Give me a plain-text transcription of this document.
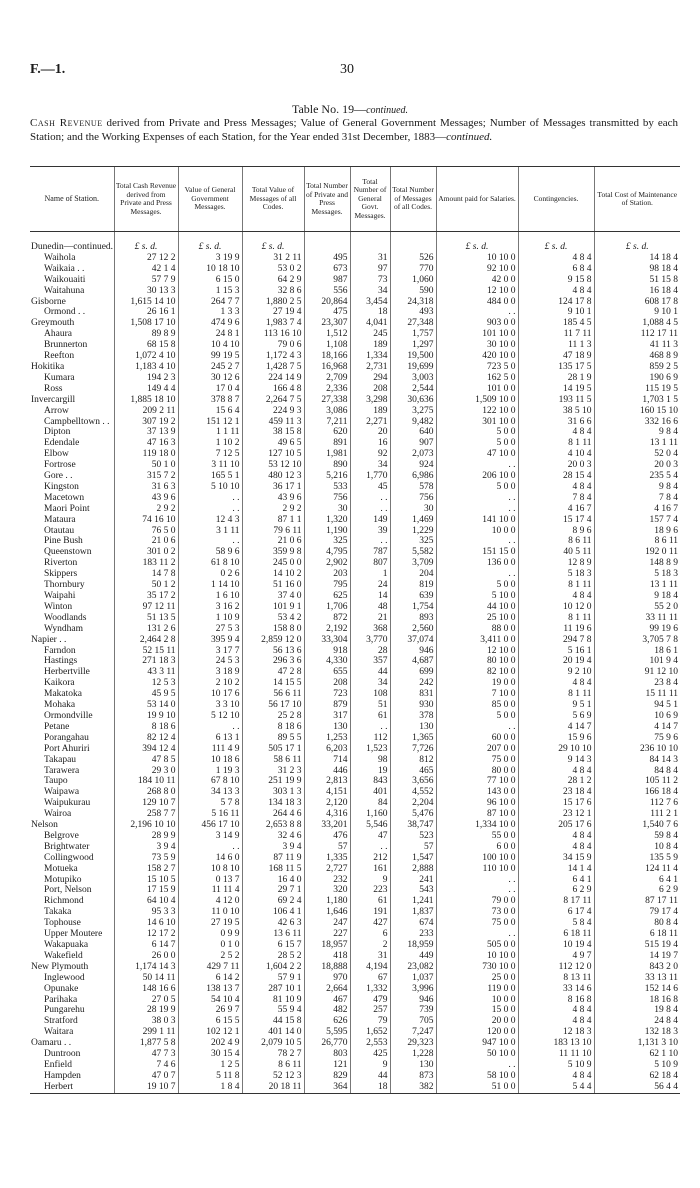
F.—1.	30
Table No. 19—continued.
Cash Revenue derived from Private and Press Messages; Value of General Government Messages; Number of Messages transmitted by each Station; and the Working Expenses of each Station, for the Year ended 31st December, 1883—continued.
Name of Station.	Total Cash Revenue derived from Private and Press Messages.	Value of General Government Messages.	Total Value of Messages of all Codes.	Total Number of Private and Press Messages.	Total Number of General Govt. Messages.	Total Number of Messages of all Codes.	Amount paid for Salaries.	Contingencies.	Total Cost of Maintenance of Station.
Dunedin—continued.	£ s. d.	£ s. d.	£ s. d.				£ s. d.	£ s. d.	£ s. d.
Waihola	27 12 2	3 19 9	31 2 11	495	31	526	10 10 0	4 8 4	14 18 4
Waikaia . .	42 1 4	10 18 10	53 0 2	673	97	770	92 10 0	6 8 4	98 18 4
Waikouaiti	57 7 9	6 15 0	64 2 9	987	73	1,060	42 0 0	9 15 8	51 15 8
Waitahuna	30 13 3	1 15 3	32 8 6	556	34	590	12 10 0	4 8 4	16 18 4
Gisborne	1,615 14 10	264 7 7	1,880 2 5	20,864	3,454	24,318	484 0 0	124 17 8	608 17 8
Ormond . .	26 16 1	1 3 3	27 19 4	475	18	493	. .	9 10 1	9 10 1
Greymouth	1,508 17 10	474 9 6	1,983 7 4	23,307	4,041	27,348	903 0 0	185 4 5	1,088 4 5
Ahaura	89 8 9	24 8 1	113 16 10	1,512	245	1,757	101 10 0	11 7 11	112 17 11
Brunnerton	68 15 8	10 4 10	79 0 6	1,108	189	1,297	30 10 0	11 1 3	41 11 3
Reefton	1,072 4 10	99 19 5	1,172 4 3	18,166	1,334	19,500	420 10 0	47 18 9	468 8 9
Hokitika	1,183 4 10	245 2 7	1,428 7 5	16,968	2,731	19,699	723 5 0	135 17 5	859 2 5
Kumara	194 2 3	30 12 6	224 14 9	2,709	294	3,003	162 5 0	28 1 9	190 6 9
Ross	149 4 4	17 0 4	166 4 8	2,336	208	2,544	101 0 0	14 19 5	115 19 5
Invercargill	1,885 18 10	378 8 7	2,264 7 5	27,338	3,298	30,636	1,509 10 0	193 11 5	1,703 1 5
Arrow	209 2 11	15 6 4	224 9 3	3,086	189	3,275	122 10 0	38 5 10	160 15 10
Campbelltown . .	307 19 2	151 12 1	459 11 3	7,211	2,271	9,482	301 10 0	31 6 6	332 16 6
Dipton	37 13 9	1 1 11	38 15 8	620	20	640	5 0 0	4 8 4	9 8 4
Edendale	47 16 3	1 10 2	49 6 5	891	16	907	5 0 0	8 1 11	13 1 11
Elbow	119 18 0	7 12 5	127 10 5	1,981	92	2,073	47 10 0	4 10 4	52 0 4
Fortrose	50 1 0	3 11 10	53 12 10	890	34	924	. .	20 0 3	20 0 3
Gore . .	315 7 2	165 5 1	480 12 3	5,216	1,770	6,986	206 10 0	28 15 4	235 5 4
Kingston	31 6 3	5 10 10	36 17 1	533	45	578	5 0 0	4 8 4	9 8 4
Macetown	43 9 6	. .	43 9 6	756	. .	756	. .	7 8 4	7 8 4
Maori Point	2 9 2	. .	2 9 2	30	. .	30	. .	4 16 7	4 16 7
Mataura	74 16 10	12 4 3	87 1 1	1,320	149	1,469	141 10 0	15 17 4	157 7 4
Otautau	76 5 0	3 1 11	79 6 11	1,190	39	1,229	10 0 0	8 9 6	18 9 6
Pine Bush	21 0 6	. .	21 0 6	325	. .	325	. .	8 6 11	8 6 11
Queenstown	301 0 2	58 9 6	359 9 8	4,795	787	5,582	151 15 0	40 5 11	192 0 11
Riverton	183 11 2	61 8 10	245 0 0	2,902	807	3,709	136 0 0	12 8 9	148 8 9
Skippers	14 7 8	0 2 6	14 10 2	203	1	204	. .	5 18 3	5 18 3
Thornbury	50 1 2	1 14 10	51 16 0	795	24	819	5 0 0	8 1 11	13 1 11
Waipahi	35 17 2	1 6 10	37 4 0	625	14	639	5 10 0	4 8 4	9 18 4
Winton	97 12 11	3 16 2	101 9 1	1,706	48	1,754	44 10 0	10 12 0	55 2 0
Woodlands	51 13 5	1 10 9	53 4 2	872	21	893	25 10 0	8 1 11	33 11 11
Wyndham	131 2 6	27 5 3	158 8 0	2,192	368	2,560	88 0 0	11 19 6	99 19 6
Napier . .	2,464 2 8	395 9 4	2,859 12 0	33,304	3,770	37,074	3,411 0 0	294 7 8	3,705 7 8
Farndon	52 15 11	3 17 7	56 13 6	918	28	946	12 10 0	5 16 1	18 6 1
Hastings	271 18 3	24 5 3	296 3 6	4,330	357	4,687	80 10 0	20 19 4	101 9 4
Herbertville	43 3 11	3 18 9	47 2 8	655	44	699	82 10 0	9 2 10	91 12 10
Kaikora	12 5 3	2 10 2	14 15 5	208	34	242	19 0 0	4 8 4	23 8 4
Makatoka	45 9 5	10 17 6	56 6 11	723	108	831	7 10 0	8 1 11	15 11 11
Mohaka	53 14 0	3 3 10	56 17 10	879	51	930	85 0 0	9 5 1	94 5 1
Ormondville	19 9 10	5 12 10	25 2 8	317	61	378	5 0 0	5 6 9	10 6 9
Petane	8 18 6	. .	8 18 6	130	. .	130	. .	4 14 7	4 14 7
Porangahau	82 12 4	6 13 1	89 5 5	1,253	112	1,365	60 0 0	15 9 6	75 9 6
Port Ahuriri	394 12 4	111 4 9	505 17 1	6,203	1,523	7,726	207 0 0	29 10 10	236 10 10
Takapau	47 8 5	10 18 6	58 6 11	714	98	812	75 0 0	9 14 3	84 14 3
Tarawera	29 3 0	1 19 3	31 2 3	446	19	465	80 0 0	4 8 4	84 8 4
Taupo	184 10 11	67 8 10	251 19 9	2,813	843	3,656	77 10 0	28 1 2	105 11 2
Waipawa	268 8 0	34 13 3	303 1 3	4,151	401	4,552	143 0 0	23 18 4	166 18 4
Waipukurau	129 10 7	5 7 8	134 18 3	2,120	84	2,204	96 10 0	15 17 6	112 7 6
Wairoa	258 7 7	5 16 11	264 4 6	4,316	1,160	5,476	87 10 0	23 12 1	111 2 1
Nelson	2,196 10 10	456 17 10	2,653 8 8	33,201	5,546	38,747	1,334 10 0	205 17 6	1,540 7 6
Belgrove	28 9 9	3 14 9	32 4 6	476	47	523	55 0 0	4 8 4	59 8 4
Brightwater	3 9 4	. .	3 9 4	57	. .	57	6 0 0	4 8 4	10 8 4
Collingwood	73 5 9	14 6 0	87 11 9	1,335	212	1,547	100 10 0	34 15 9	135 5 9
Motueka	158 2 7	10 8 10	168 11 5	2,727	161	2,888	110 10 0	14 1 4	124 11 4
Motupiko	15 10 5	0 13 7	16 4 0	232	9	241	. .	6 4 1	6 4 1
Port, Nelson	17 15 9	11 11 4	29 7 1	320	223	543	. .	6 2 9	6 2 9
Richmond	64 10 4	4 12 0	69 2 4	1,180	61	1,241	79 0 0	8 17 11	87 17 11
Takaka	95 3 3	11 0 10	106 4 1	1,646	191	1,837	73 0 0	6 17 4	79 17 4
Tophouse	14 6 10	27 19 5	42 6 3	247	427	674	75 0 0	5 8 4	80 8 4
Upper Moutere	12 17 2	0 9 9	13 6 11	227	6	233	. .	6 18 11	6 18 11
Wakapuaka	6 14 7	0 1 0	6 15 7	18,957	2	18,959	505 0 0	10 19 4	515 19 4
Wakefield	26 0 0	2 5 2	28 5 2	418	31	449	10 10 0	4 9 7	14 19 7
New Plymouth	1,174 14 3	429 7 11	1,604 2 2	18,888	4,194	23,082	730 10 0	112 12 0	843 2 0
Inglewood	50 14 11	6 14 2	57 9 1	970	67	1,037	25 0 0	8 13 11	33 13 11
Opunake	148 16 6	138 13 7	287 10 1	2,664	1,332	3,996	119 0 0	33 14 6	152 14 6
Parihaka	27 0 5	54 10 4	81 10 9	467	479	946	10 0 0	8 16 8	18 16 8
Pungarehu	28 19 9	26 9 7	55 9 4	482	257	739	15 0 0	4 8 4	19 8 4
Stratford	38 0 3	6 15 5	44 15 8	626	79	705	20 0 0	4 8 4	24 8 4
Waitara	299 1 11	102 12 1	401 14 0	5,595	1,652	7,247	120 0 0	12 18 3	132 18 3
Oamaru . .	1,877 5 8	202 4 9	2,079 10 5	26,770	2,553	29,323	947 10 0	183 13 10	1,131 3 10
Duntroon	47 7 3	30 15 4	78 2 7	803	425	1,228	50 10 0	11 11 10	62 1 10
Enfield	7 4 6	1 2 5	8 6 11	121	9	130	. .	5 10 9	5 10 9
Hampden	47 0 7	5 11 8	52 12 3	829	44	873	58 10 0	4 8 4	62 18 4
Herbert	19 10 7	1 8 4	20 18 11	364	18	382	51 0 0	5 4 4	56 4 4
